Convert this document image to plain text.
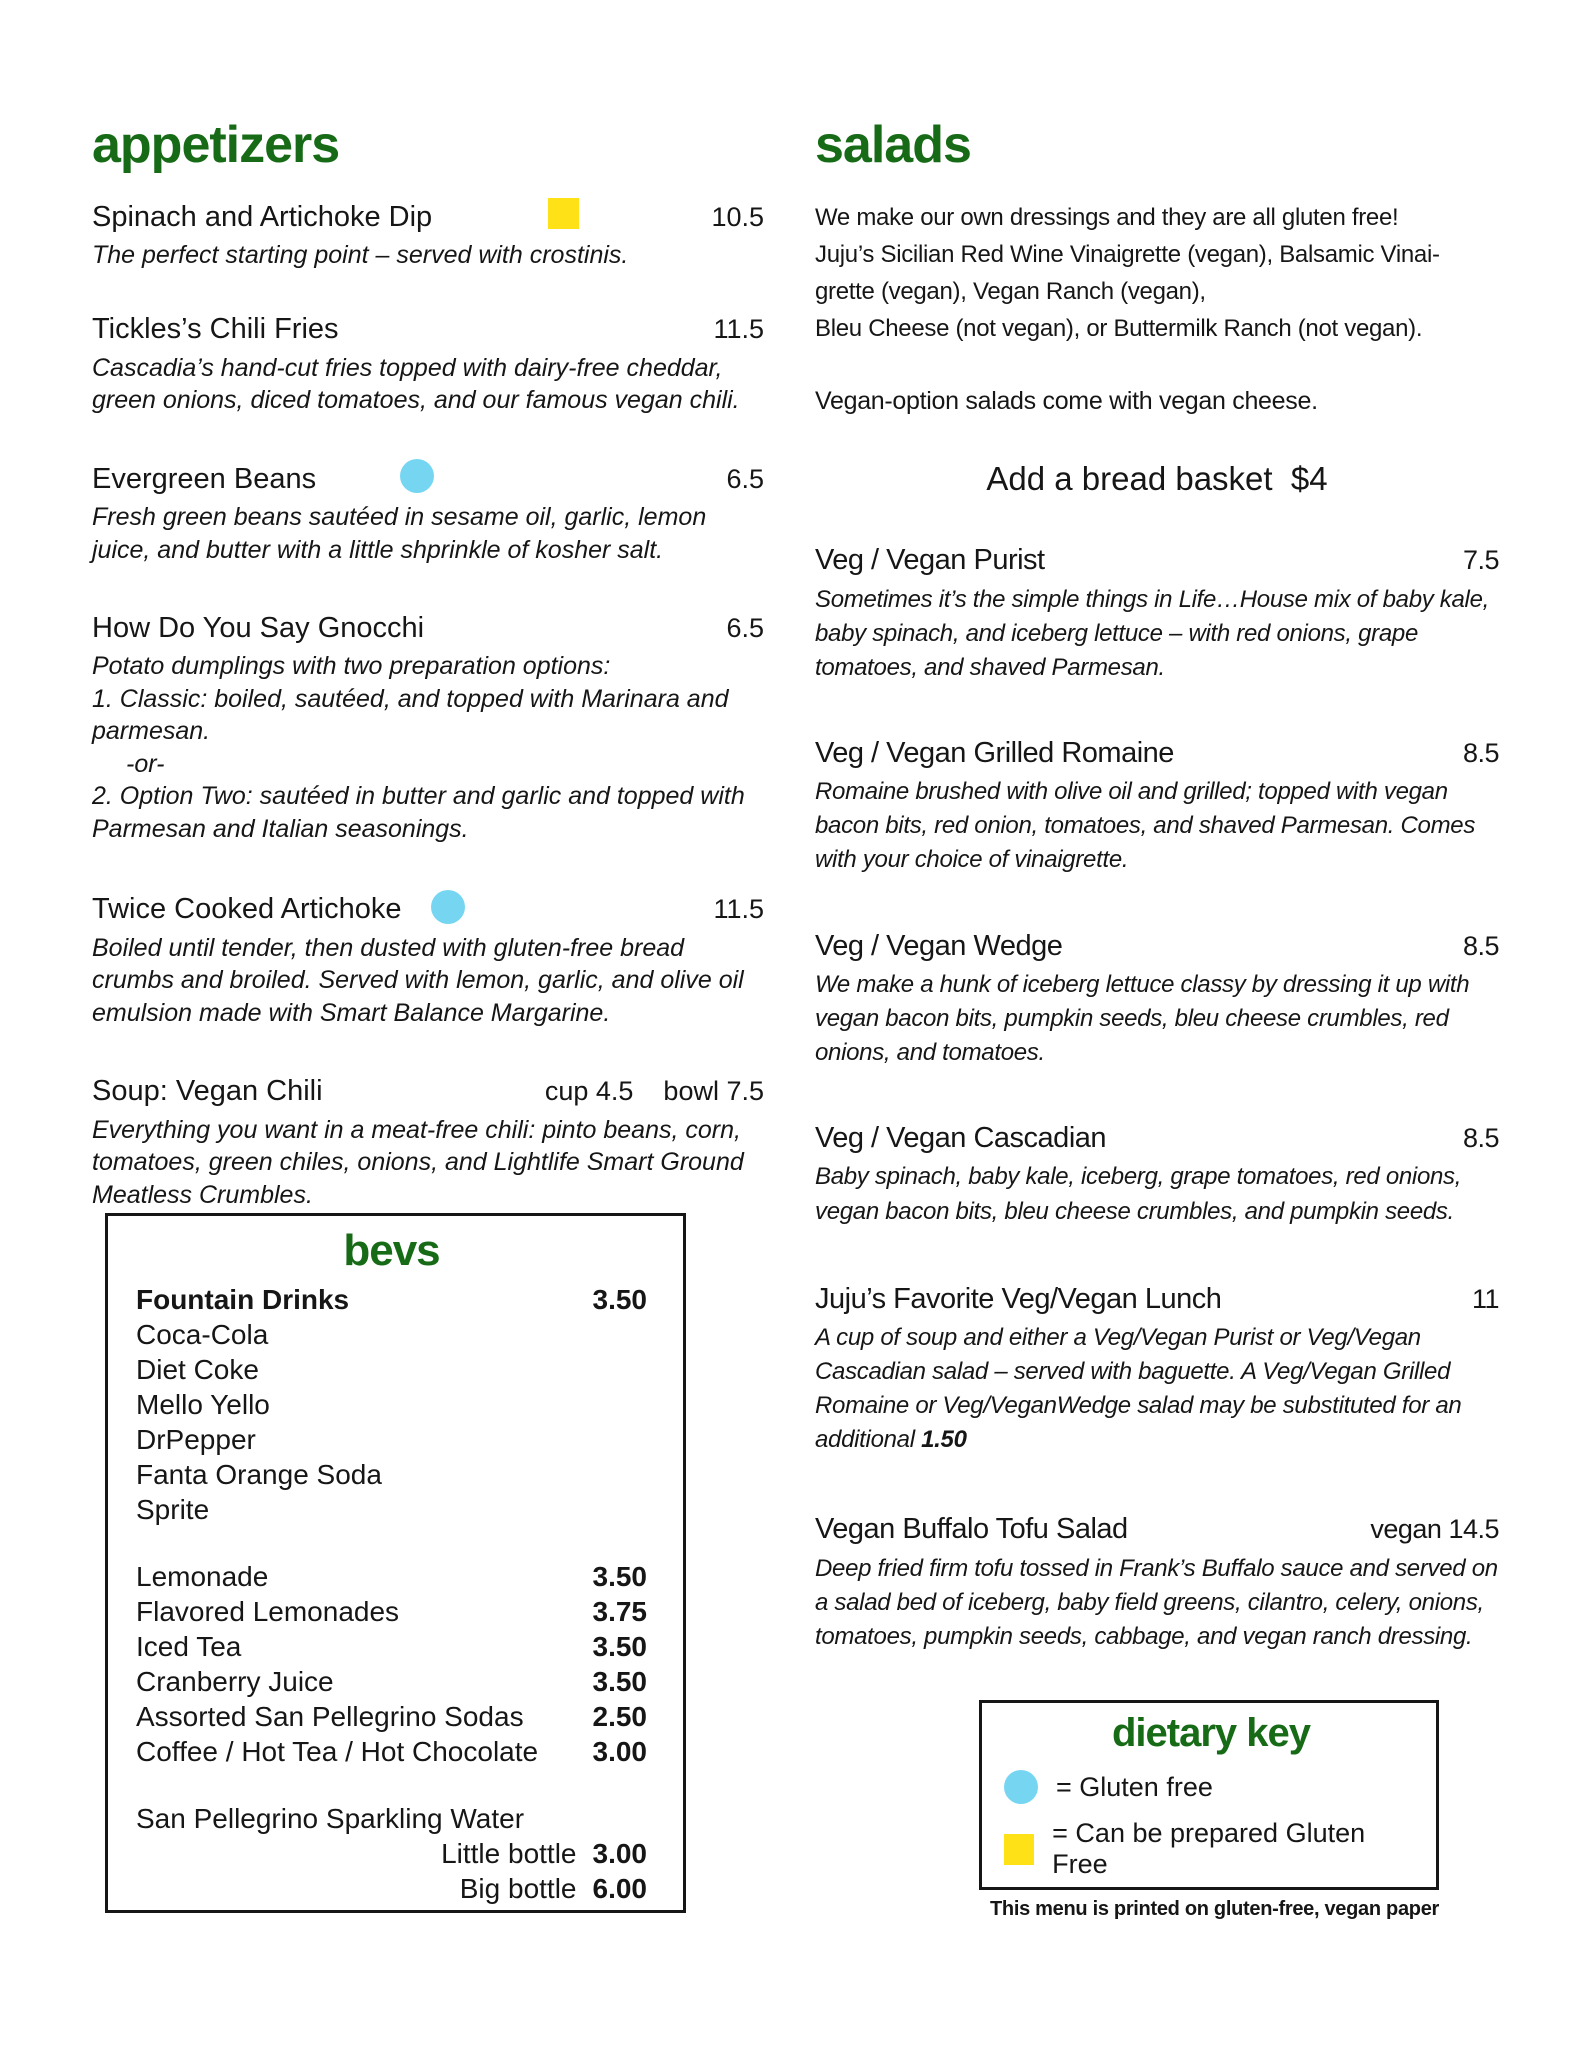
appetizers
Spinach and Artichoke Dip	10.5
The perfect starting point – served with crostinis.
Tickles’s Chili Fries	11.5
Cascadia’s hand-cut fries topped with dairy-free cheddar, green onions, diced tomatoes, and our famous vegan chili.
Evergreen Beans	6.5
Fresh green beans sautéed in sesame oil, garlic, lemon juice, and butter with a little shprinkle of kosher salt.
How Do You Say Gnocchi	6.5
Potato dumplings with two preparation options:
1. Classic: boiled, sautéed, and topped with Marinara and parmesan.
-or-
2. Option Two: sautéed in butter and garlic and topped with Parmesan and Italian seasonings.
Twice Cooked Artichoke	11.5
Boiled until tender, then dusted with gluten-free bread crumbs and broiled. Served with lemon, garlic, and olive oil emulsion made with Smart Balance Margarine.
Soup: Vegan Chili	cup 4.5    bowl 7.5
Everything you want in a meat-free chili: pinto beans, corn, tomatoes, green chiles, onions, and Lightlife Smart Ground Meatless Crumbles.
salads
We make our own dressings and they are all gluten free!
Juju’s Sicilian Red Wine Vinaigrette (vegan), Balsamic Vinai-
grette (vegan), Vegan Ranch (vegan),
Bleu Cheese (not vegan), or Buttermilk Ranch (not vegan).
Vegan-option salads come with vegan cheese.
Add a bread basket  $4
Veg / Vegan Purist	7.5
Sometimes it’s the simple things in Life…House mix of baby kale, baby spinach, and iceberg lettuce – with red onions, grape tomatoes, and shaved Parmesan.
Veg / Vegan Grilled Romaine	8.5
Romaine brushed with olive oil and grilled; topped with vegan bacon bits, red onion, tomatoes, and shaved Parmesan. Comes with your choice of vinaigrette.
Veg / Vegan Wedge	8.5
We make a hunk of iceberg lettuce classy by dressing it up with vegan bacon bits, pumpkin seeds, bleu cheese crumbles, red onions, and tomatoes.
Veg / Vegan Cascadian	8.5
Baby spinach, baby kale, iceberg, grape tomatoes, red onions, vegan bacon bits, bleu cheese crumbles, and pumpkin seeds.
Juju’s Favorite Veg/Vegan Lunch	11
A cup of soup and either a Veg/Vegan Purist or Veg/Vegan Cascadian salad – served with baguette. A Veg/Vegan Grilled Romaine or Veg/VeganWedge salad may be substituted for an additional 1.50
Vegan Buffalo Tofu Salad	vegan 14.5
Deep fried firm tofu tossed in Frank’s Buffalo sauce and served on a salad bed of iceberg, baby field greens, cilantro, celery, onions, tomatoes, pumpkin seeds, cabbage, and vegan ranch dressing.
bevs
Fountain Drinks	3.50
Coca-Cola
Diet Coke
Mello Yello
DrPepper
Fanta Orange Soda
Sprite
Lemonade	3.50
Flavored Lemonades	3.75
Iced Tea	3.50
Cranberry Juice	3.50
Assorted San Pellegrino Sodas 2.50
Coffee / Hot Tea / Hot Chocolate 3.00
San Pellegrino Sparkling Water
Little bottle 3.00
Big bottle 6.00
dietary key
= Gluten free
= Can be prepared Gluten Free
This menu is printed on gluten-free, vegan paper
